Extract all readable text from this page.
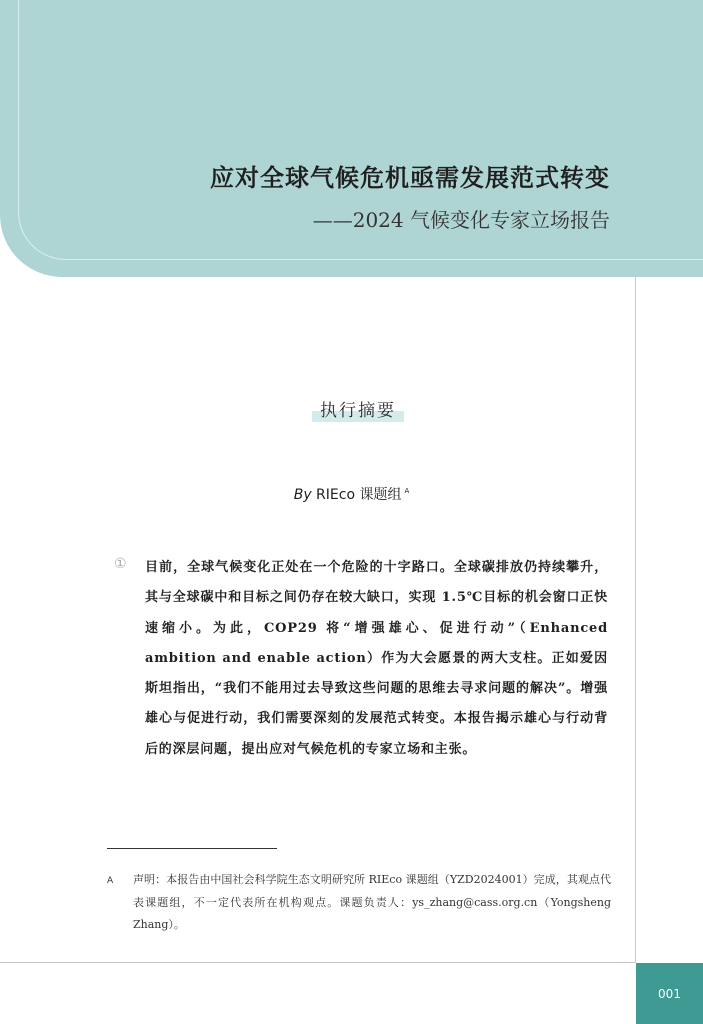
应对全球气候危机亟需发展范式转变
——2024 气候变化专家立场报告
001
执行摘要
By RIEco 课题组 $^A$
① 目前，全球气候变化正处在一个危险的十字路口。全球碳排放仍持续攀升，其与全球碳中和目标之间仍存在较大缺口，实现 1.5℃目标的机会窗口正快速缩小。为此，COP29 将“增强雄心、促进行动”（Enhanced ambition and enable action）作为大会愿景的两大支柱。正如爱因斯坦指出，“我们不能用过去导致这些问题的思维去寻求问题的解决”。增强雄心与促进行动，我们需要深刻的发展范式转变。本报告揭示雄心与行动背后的深层问题，提出应对气候危机的专家立场和主张。
A 声明：本报告由中国社会科学院生态文明研究所 RIEco 课题组（YZD2024001）完成，其观点代表课题组，不一定代表所在机构观点。课题负责人：ys_zhang@cass.org.cn（Yongsheng Zhang）。
